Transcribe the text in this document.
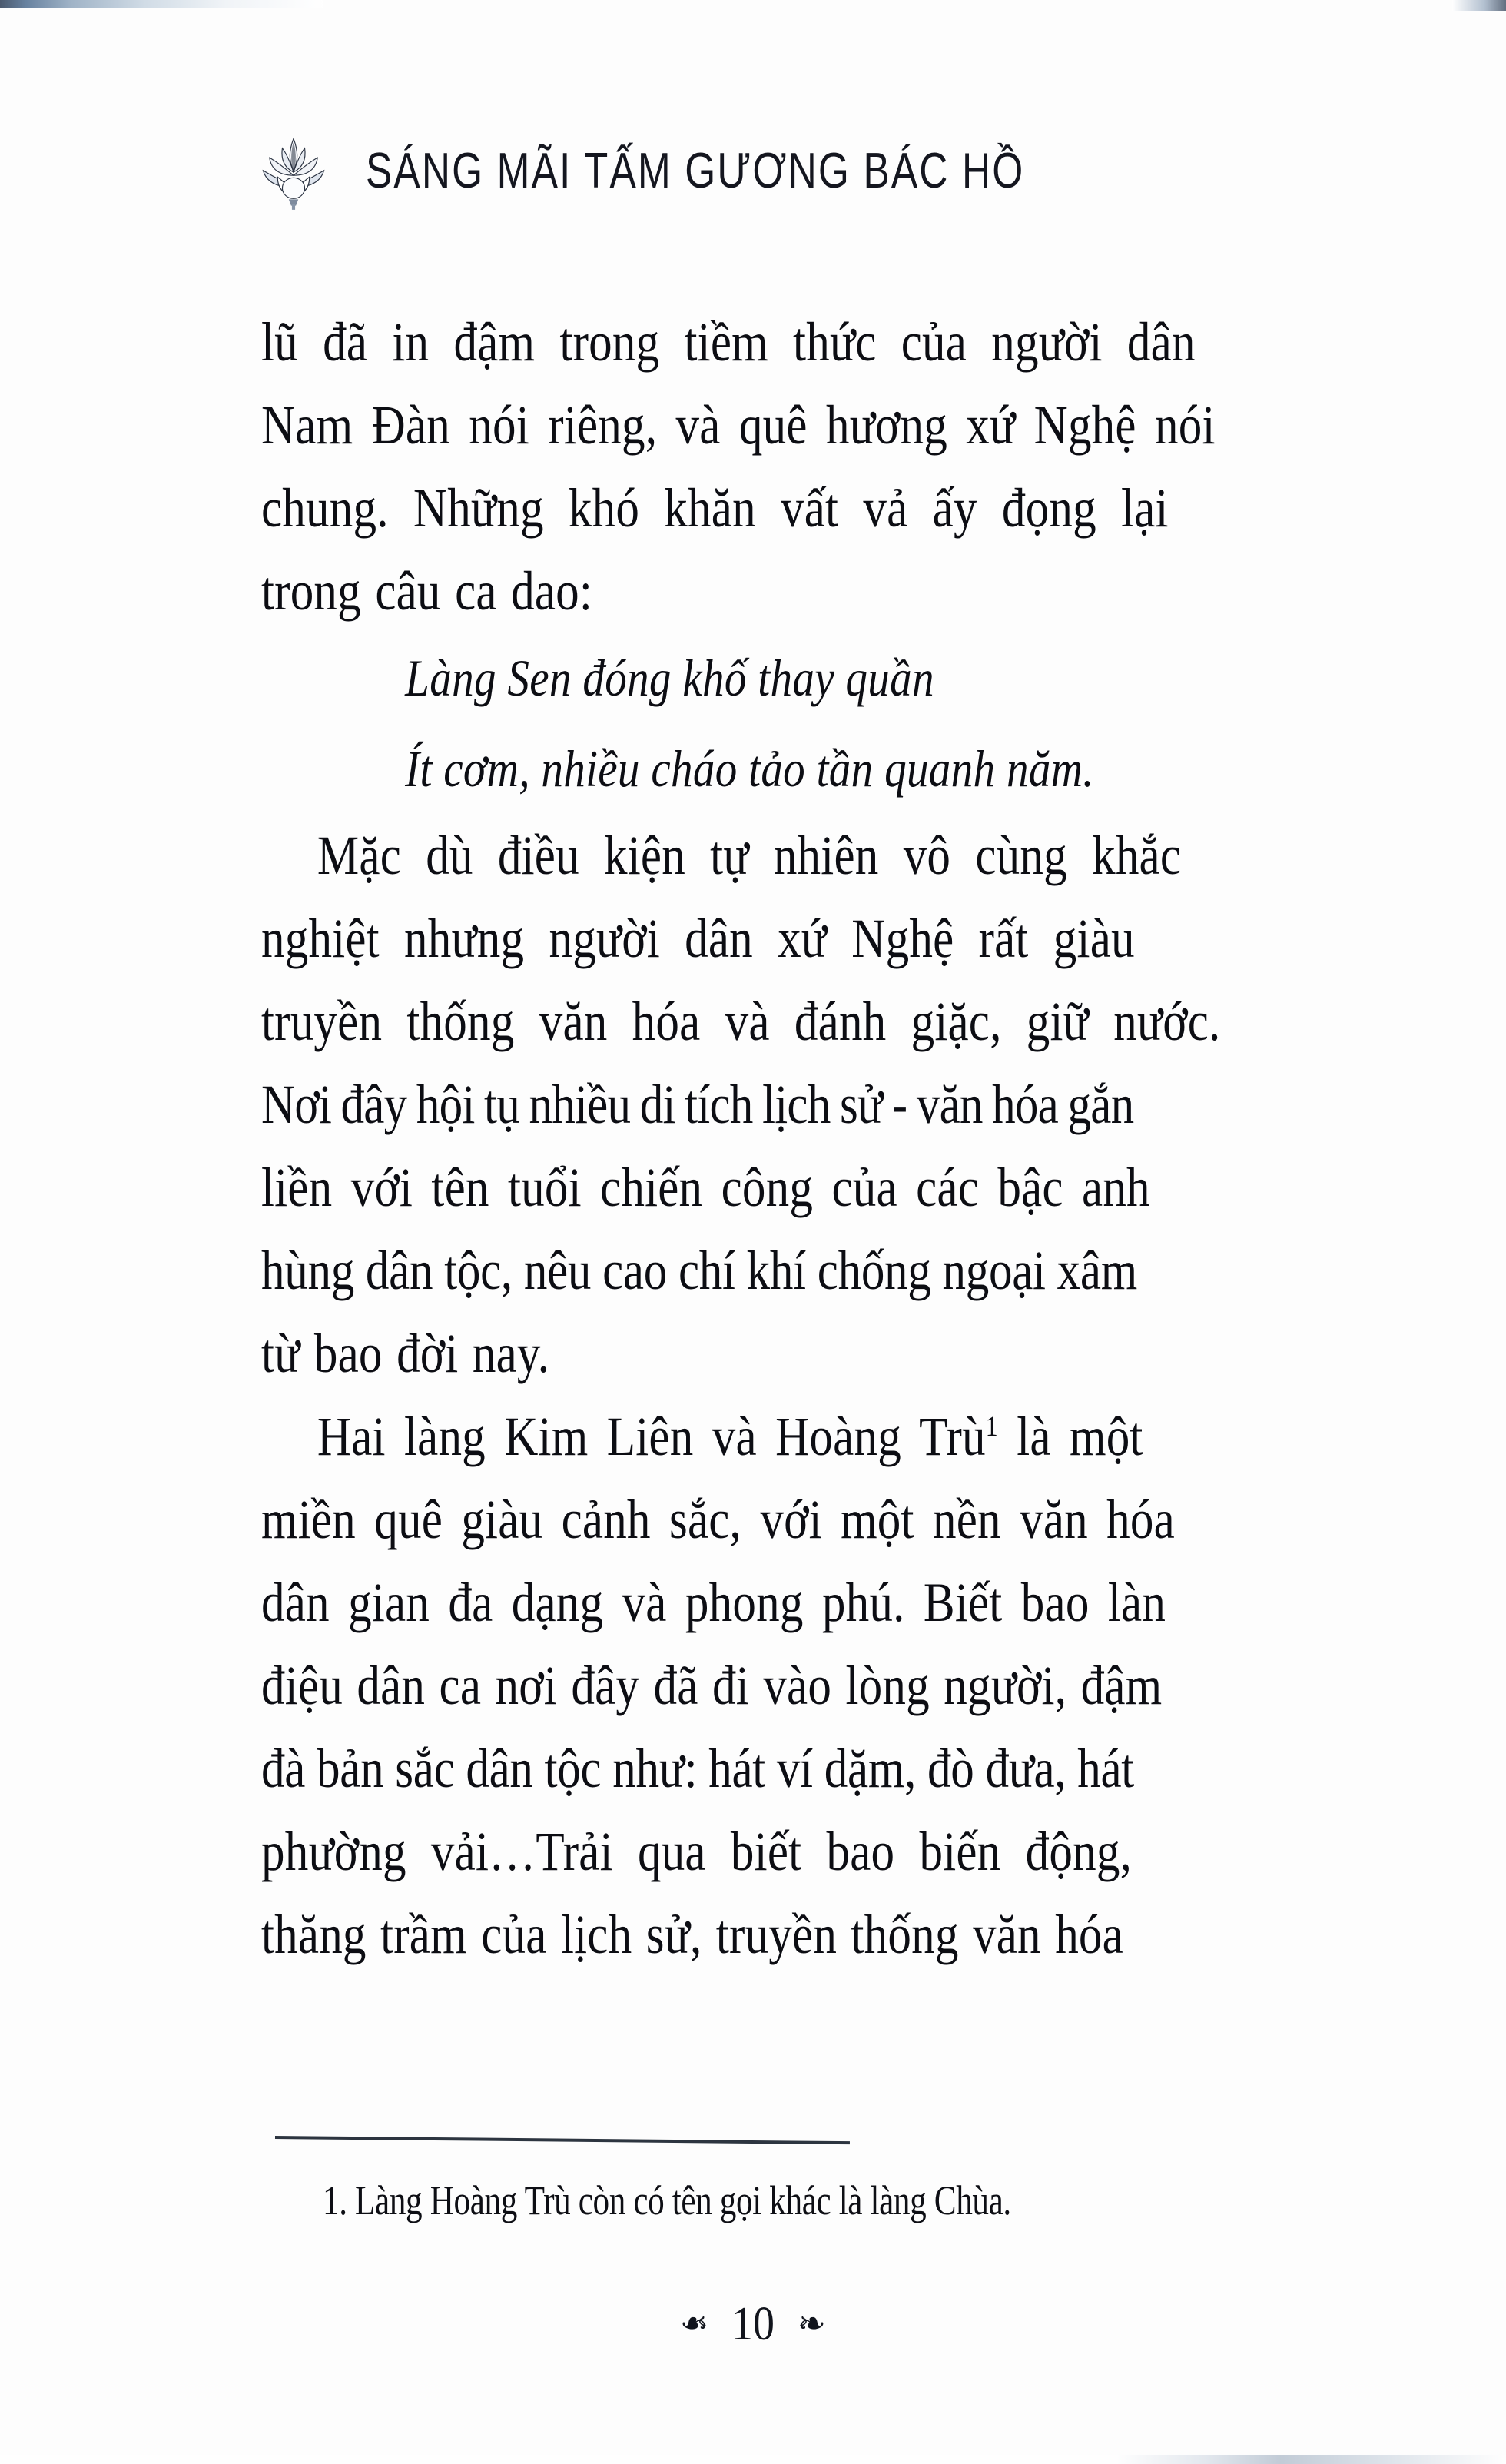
SÁNG MÃI TẤM GƯƠNG BÁC HỒ
lũ đã in đậm trong tiềm thức của người dân
Nam Đàn nói riêng, và quê hương xứ Nghệ nói
chung. Những khó khăn vất vả ấy đọng lại
trong câu ca dao:
Làng Sen đóng khố thay quần
Ít cơm, nhiều cháo tảo tần quanh năm.
Mặc dù điều kiện tự nhiên vô cùng khắc
nghiệt nhưng người dân xứ Nghệ rất giàu
truyền thống văn hóa và đánh giặc, giữ nước.
Nơi đây hội tụ nhiều di tích lịch sử - văn hóa gắn
liền với tên tuổi chiến công của các bậc anh
hùng dân tộc, nêu cao chí khí chống ngoại xâm
từ bao đời nay.
Hai làng Kim Liên và Hoàng Trù$^1$ là một
miền quê giàu cảnh sắc, với một nền văn hóa
dân gian đa dạng và phong phú. Biết bao làn
điệu dân ca nơi đây đã đi vào lòng người, đậm
đà bản sắc dân tộc như: hát ví dặm, đò đưa, hát
phường vải…Trải qua biết bao biến động,
thăng trầm của lịch sử, truyền thống văn hóa
1. Làng Hoàng Trù còn có tên gọi khác là làng Chùa.
❧ 10 ❧
